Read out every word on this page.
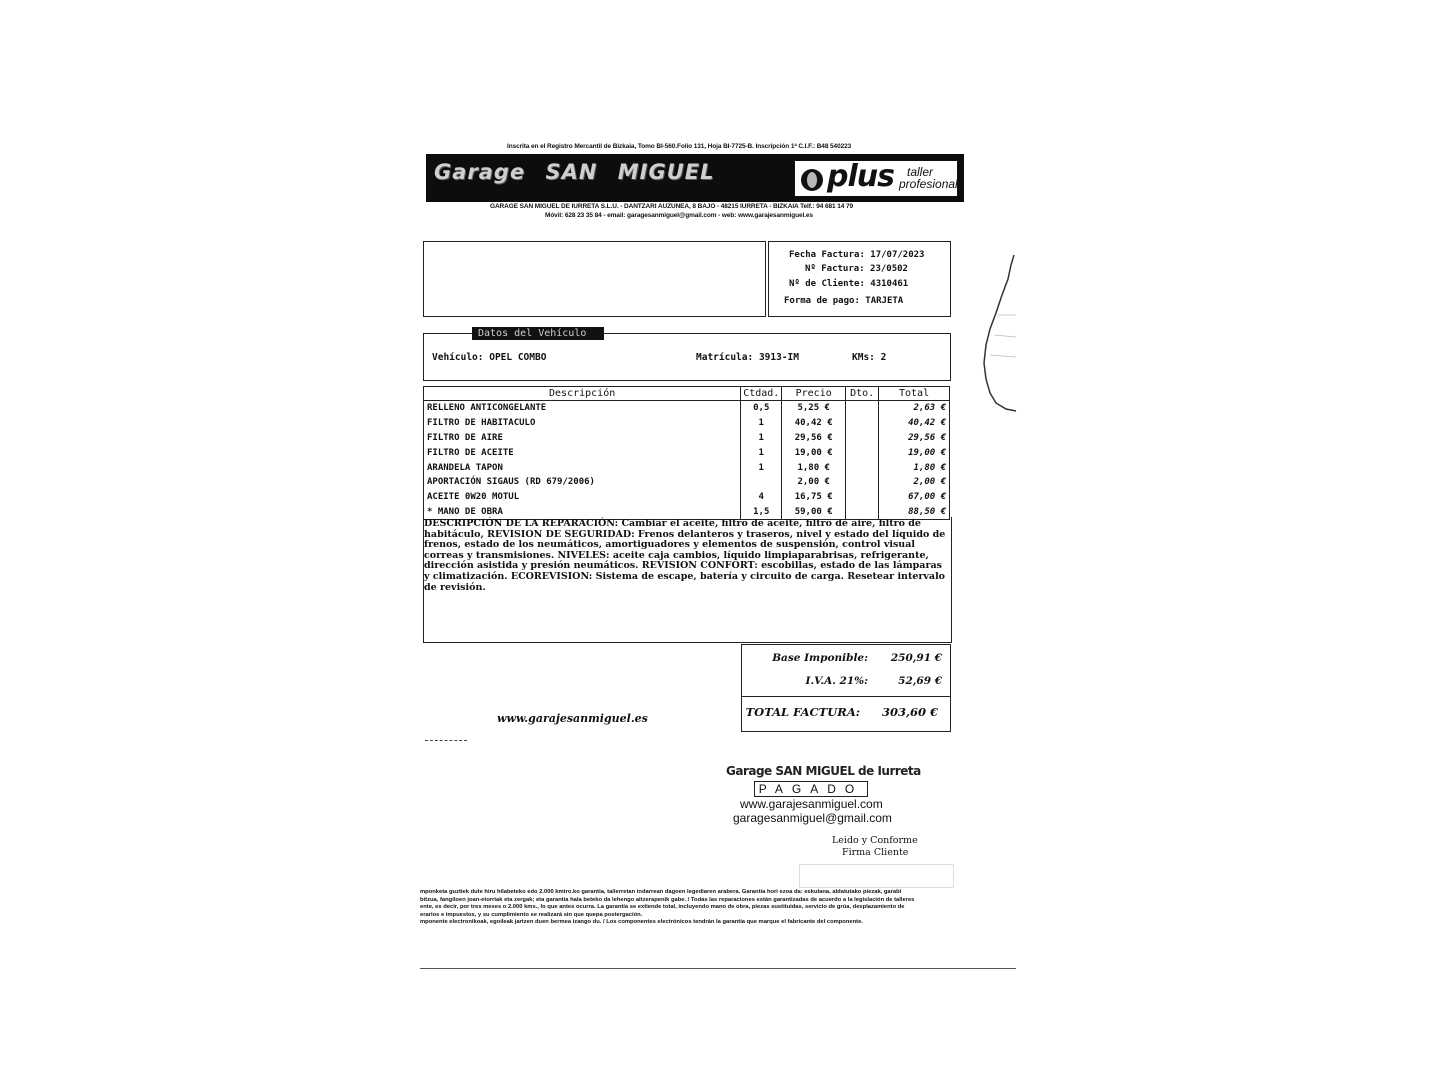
Inscrita en el Registro Mercantil de Bizkaia, Tomo BI-560.Folio 131, Hoja BI-7725-B. Inscripción 1ª C.I.F.: B48 540223
Garage SAN MIGUEL	plus taller
profesional
GARAGE SAN MIGUEL DE IURRETA S.L.U. - DANTZARI AUZUNEA, 8 BAJO - 48215 IURRETA - BIZKAIA Telf.: 94 681 14 79
Móvil: 628 23 35 84 - email: garagesanmiguel@gmail.com - web: www.garajesanmiguel.es
Fecha Factura: 17/07/2023
Nº Factura: 23/0502
Nº de Cliente: 4310461
Forma de pago: TARJETA
Vehículo: OPEL COMBO	Matrícula: 3913-IM	KMs: 2
Datos del Vehículo
Descripción	Ctdad.	Precio	Dto.	Total
RELLENO ANTICONGELANTE	0,5	5,25 €		2,63 €
FILTRO DE HABITACULO	1	40,42 €		40,42 €
FILTRO DE AIRE	1	29,56 €		29,56 €
FILTRO DE ACEITE	1	19,00 €		19,00 €
ARANDELA TAPON	1	1,80 €		1,80 €
APORTACIÓN SIGAUS (RD 679/2006)		2,00 €		2,00 €
ACEITE 0W20 MOTUL	4	16,75 €		67,00 €
* MANO DE OBRA	1,5	59,00 €		88,50 €
DESCRIPCIÓN DE LA REPARACIÓN: Cambiar el aceite, filtro de aceite, filtro de aire, filtro de habitáculo, REVISION DE SEGURIDAD: Frenos delanteros y traseros, nivel y estado del líquido de frenos, estado de los neumáticos, amortiguadores y elementos de suspensión, control visual correas y transmisiones. NIVELES: aceite caja cambios, líquido limpiaparabrisas, refrigerante, dirección asistida y presión neumáticos. REVISION CONFORT: escobillas, estado de las lámparas y climatización. ECOREVISION: Sistema de escape, batería y circuito de carga. Resetear intervalo de revisión.
Base Imponible: 250,91 €
I.V.A. 21%:	52,69 €
TOTAL FACTURA: 303,60 €
www.garajesanmiguel.es
Garage SAN MIGUEL de Iurreta
PAGADO
www.garajesanmiguel.com
garagesanmiguel@gmail.com
Leido y Conforme
Firma Cliente
mponketa guztiek dute hiru hilabeteko edo 2.000 kmtro.ko garantia, tailerretan indarrean dagoen legediaren arabera. Garantia hori ezoa da: eskulana, aldatutako piezak, garabi
bitzua, fangiloen joan-etorriak eta zergak; eta garantia hala beteko da lehengo aitzerapenik gabe. / Todas las reparaciones están garantizadas de acuerdo a la legislación de talleres
ente, es decir, por tres meses o 2.000 kms., lo que antes ocurra. La garantía se extiende total, incluyendo mano de obra, piezas sustituidas, servicio de grúa, desplazamiento de
erarios e impuestos, y su cumplimiento se realizará sin que quepa postergación.
mponente electronikoak, egoileak jartzen duen bermea izango du. / Los componentes electrónicos tendrán la garantía que marque el fabricante del componente.
